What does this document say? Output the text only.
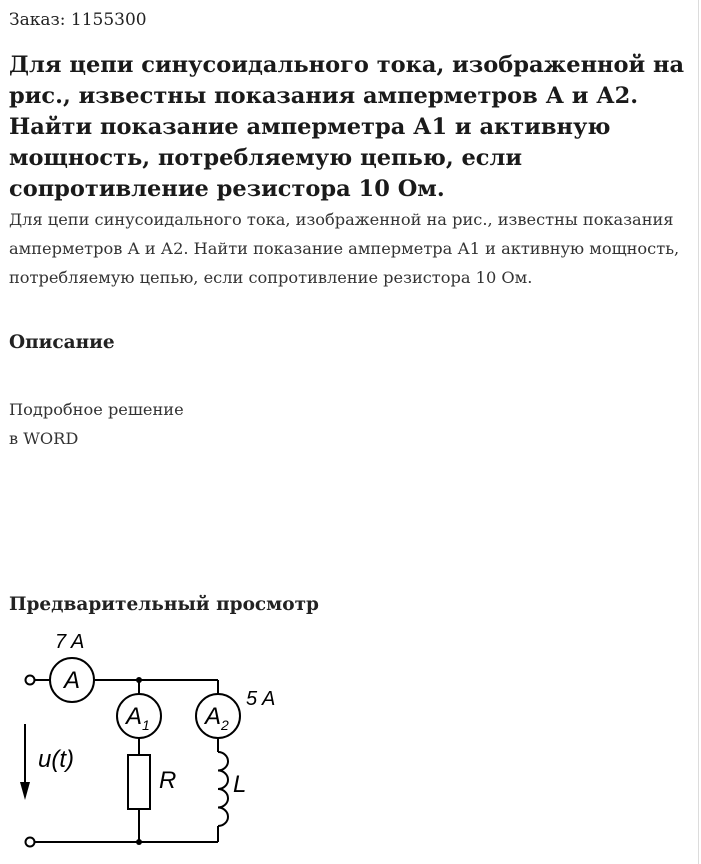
Заказ: 1155300
Для цепи синусоидального тока, изображенной на рис., известны показания амперметров А и А2. Найти показание амперметра А1 и активную мощность, потребляемую цепью, если сопротивление резистора 10 Ом.
Для цепи синусоидального тока, изображенной на рис., известны показания амперметров А и А2. Найти показание амперметра А1 и активную мощность, потребляемую цепью, если сопротивление резистора 10 Ом.
Описание
Подробное решение
в WORD
Предварительный просмотр
7 A
5 A
A
$A_1$ $A_2$
u(t)
R L
